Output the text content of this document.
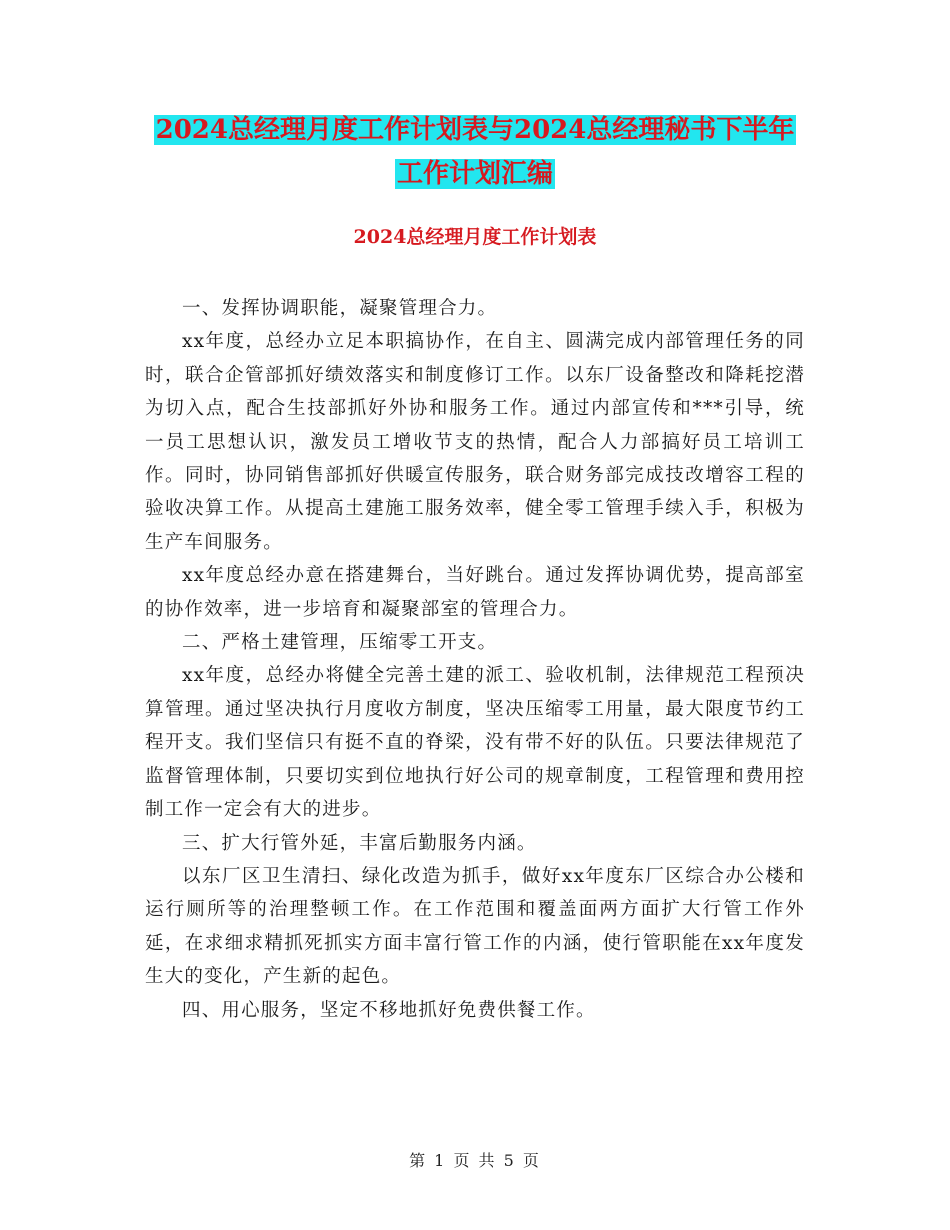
2024总经理月度工作计划表与2024总经理秘书下半年
工作计划汇编
2024总经理月度工作计划表

一、发挥协调职能，凝聚管理合力。

xx年度，总经办立足本职搞协作，在自主、圆满完成内部管理任务的同时，联合企管部抓好绩效落实和制度修订工作。以东厂设备整改和降耗挖潜为切入点，配合生技部抓好外协和服务工作。通过内部宣传和***引导，统一员工思想认识，激发员工增收节支的热情，配合人力部搞好员工培训工作。同时，协同销售部抓好供暖宣传服务，联合财务部完成技改增容工程的验收决算工作。从提高土建施工服务效率，健全零工管理手续入手，积极为生产车间服务。

xx年度总经办意在搭建舞台，当好跳台。通过发挥协调优势，提高部室的协作效率，进一步培育和凝聚部室的管理合力。

二、严格土建管理，压缩零工开支。

xx年度，总经办将健全完善土建的派工、验收机制，法律规范工程预决算管理。通过坚决执行月度收方制度，坚决压缩零工用量，最大限度节约工程开支。我们坚信只有挺不直的脊梁，没有带不好的队伍。只要法律规范了监督管理体制，只要切实到位地执行好公司的规章制度，工程管理和费用控制工作一定会有大的进步。

三、扩大行管外延，丰富后勤服务内涵。

以东厂区卫生清扫、绿化改造为抓手，做好xx年度东厂区综合办公楼和运行厕所等的治理整顿工作。在工作范围和覆盖面两方面扩大行管工作外延，在求细求精抓死抓实方面丰富行管工作的内涵，使行管职能在xx年度发生大的变化，产生新的起色。

四、用心服务，坚定不移地抓好免费供餐工作。

第 1 页 共 5 页
